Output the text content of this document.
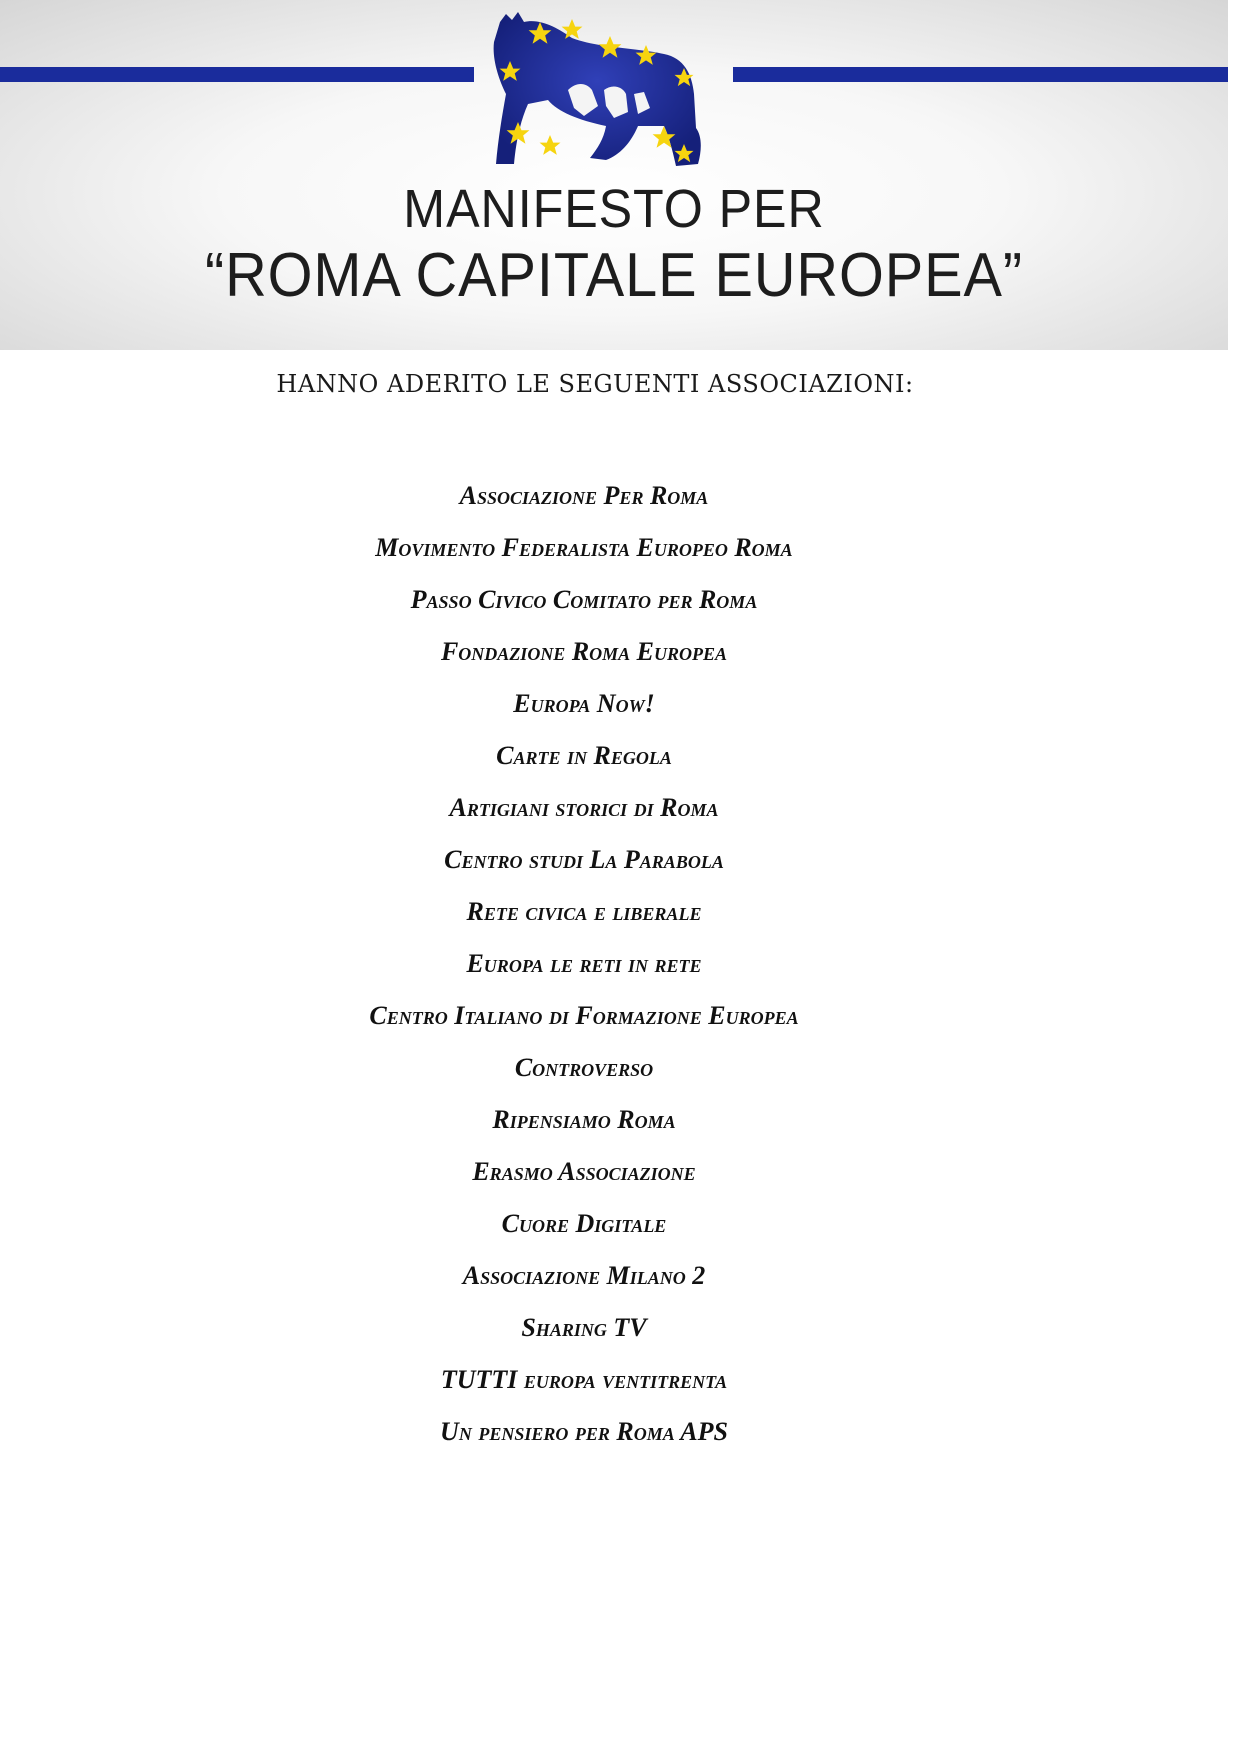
MANIFESTO PER
“ROMA CAPITALE EUROPEA”
HANNO ADERITO LE SEGUENTI ASSOCIAZIONI:
Associazione Per Roma
Movimento Federalista Europeo Roma
Passo Civico Comitato per Roma
Fondazione Roma Europea
Europa Now!
Carte in Regola
Artigiani storici di Roma
Centro studi La Parabola
Rete civica e liberale
Europa le reti in rete
Centro Italiano di Formazione Europea
Controverso
Ripensiamo Roma
Erasmo Associazione
Cuore Digitale
Associazione Milano 2
Sharing TV
TUTTI europa ventitrenta
Un pensiero per Roma APS
